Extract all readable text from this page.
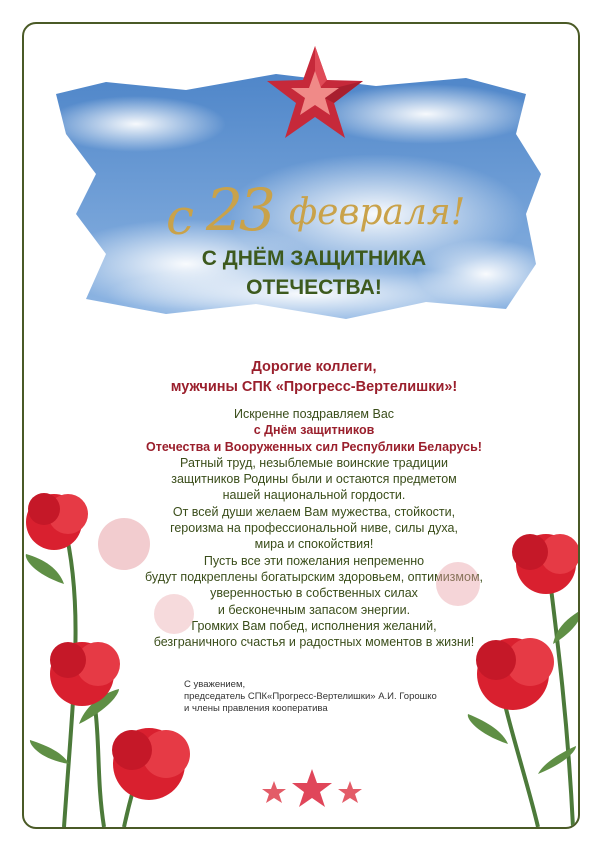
с 23 февраля!
С ДНЁМ ЗАЩИТНИКА
ОТЕЧЕСТВА!
Дорогие коллеги,
мужчины СПК «Прогресс-Вертелишки»!
Искренне поздравляем Вас
с Днём защитников
Отечества и Вооруженных сил Республики Беларусь!
Ратный труд, незыблемые воинские традиции
защитников Родины были и остаются предметом
нашей национальной гордости.
От всей души желаем Вам мужества, стойкости,
героизма на профессиональной ниве, силы духа,
мира и спокойствия!
Пусть все эти пожелания непременно
будут подкреплены богатырским здоровьем, оптимизмом,
уверенностью в собственных силах
и бесконечным запасом энергии.
Громких Вам побед, исполнения желаний,
безграничного счастья и радостных моментов в жизни!
С уважением,
председатель СПК«Прогресс-Вертелишки» А.И. Горошко
и члены правления кооператива
